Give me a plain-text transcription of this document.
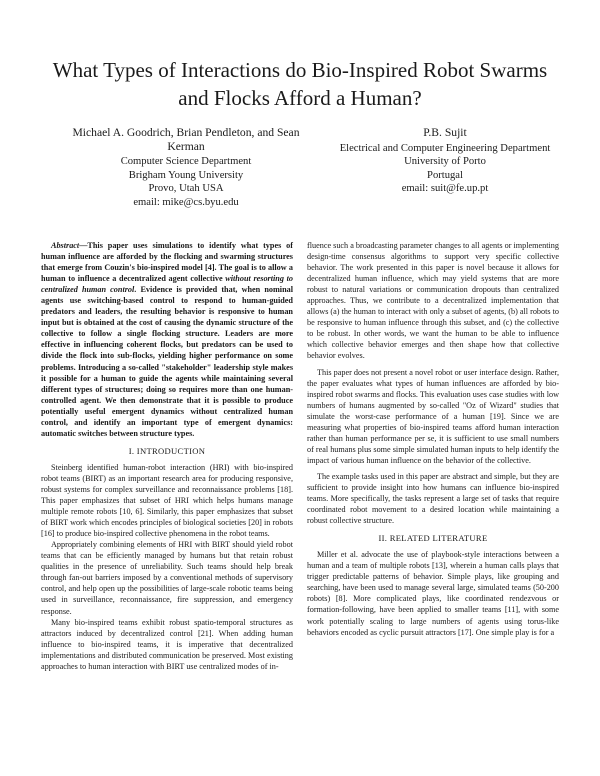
What Types of Interactions do Bio-Inspired Robot Swarms and Flocks Afford a Human?
Michael A. Goodrich, Brian Pendleton, and Sean Kerman
Computer Science Department
Brigham Young University
Provo, Utah USA
email: mike@cs.byu.edu
P.B. Sujit
Electrical and Computer Engineering Department
University of Porto
Portugal
email: suit@fe.up.pt

Abstract—This paper uses simulations to identify what types of human influence are afforded by the flocking and swarming structures that emerge from Couzin's bio-inspired model [4]. The goal is to allow a human to influence a decentralized agent collective without resorting to centralized human control. Evidence is provided that, when nominal agents use switching-based control to respond to human-guided predators and leaders, the resulting behavior is responsive to human input but is obtained at the cost of causing the dynamic structure of the collective to follow a single flocking structure. Leaders are more effective in influencing coherent flocks, but predators can be used to divide the flock into sub-flocks, yielding higher performance on some problems. Introducing a so-called "stakeholder" leadership style makes it possible for a human to guide the agents while maintaining several different types of structures; doing so requires more than one human-controlled agent. We then demonstrate that it is possible to produce potentially useful emergent dynamics without centralized human control, and identify an important type of emergent dynamics: automatic switches between structure types.

I. INTRODUCTION

Steinberg identified human-robot interaction (HRI) with bio-inspired robot teams (BIRT) as an important research area for producing responsive, robust systems for complex surveillance and reconnaissance problems [18]. This paper emphasizes that subset of HRI which helps humans manage multiple remote robots [10, 6]. Similarly, this paper emphasizes that subset of BIRT work which encodes principles of biological societies [20] in robots [16] to produce bio-inspired collective phenomena in the robot teams.

Appropriately combining elements of HRI with BIRT should yield robot teams that can be efficiently managed by humans but that retain robust qualities in the presence of unreliability. Such teams should help break through fan-out barriers imposed by a conventional methods of supervisory control, and help open up the possibilities of large-scale robotic teams being used in surveillance, reconnaissance, fire suppression, and emergency response.

Many bio-inspired teams exhibit robust spatio-temporal structures as attractors induced by decentralized control [21]. When adding human influence to bio-inspired teams, it is imperative that decentralized implementations and distributed communication be preserved. Most existing approaches to human interaction with BIRT use centralized modes of in-

fluence such a broadcasting parameter changes to all agents or implementing design-time consensus algorithms to support very specific collective behavior. The work presented in this paper is novel because it allows for decentralized human influence, which may yield systems that are more robust to natural variations or communication dropouts than centralized approaches. Thus, we contribute to a decentralized implementation that allows (a) the human to interact with only a subset of agents, (b) all robots to be responsive to human influence through this subset, and (c) the collective to be robust. In other words, we want the human to be able to influence which collective behavior emerges and then shape how that collective behavior evolves.

This paper does not present a novel robot or user interface design. Rather, the paper evaluates what types of human influences are afforded by bio-inspired robot swarms and flocks. This evaluation uses case studies with low numbers of humans augmented by so-called "Oz of Wizard" studies that simulate the worst-case performance of a human [19]. Since we are measuring what properties of bio-inspired teams afford human interaction rather than human performance per se, it is sufficient to use small numbers of real humans plus some simple simulated human inputs to help identify the impact of various human influence on the behavior of the collective.

The example tasks used in this paper are abstract and simple, but they are sufficient to provide insight into how humans can influence bio-inspired teams. More specifically, the tasks represent a large set of tasks that require coordinated robot movement to a desired location while maintaining a robust collective structure.

II. RELATED LITERATURE

Miller et al. advocate the use of playbook-style interactions between a human and a team of multiple robots [13], wherein a human calls plays that trigger predictable patterns of behavior. Simple plays, like grouping and searching, have been used to manage several large, simulated teams (50-200 robots) [8]. More complicated plays, like coordinated rendezvous or formation-following, have been applied to smaller teams [11], with some work potentially scaling to large numbers of agents using torus-like behaviors encoded as cyclic pursuit attractors [17]. One simple play is for a
